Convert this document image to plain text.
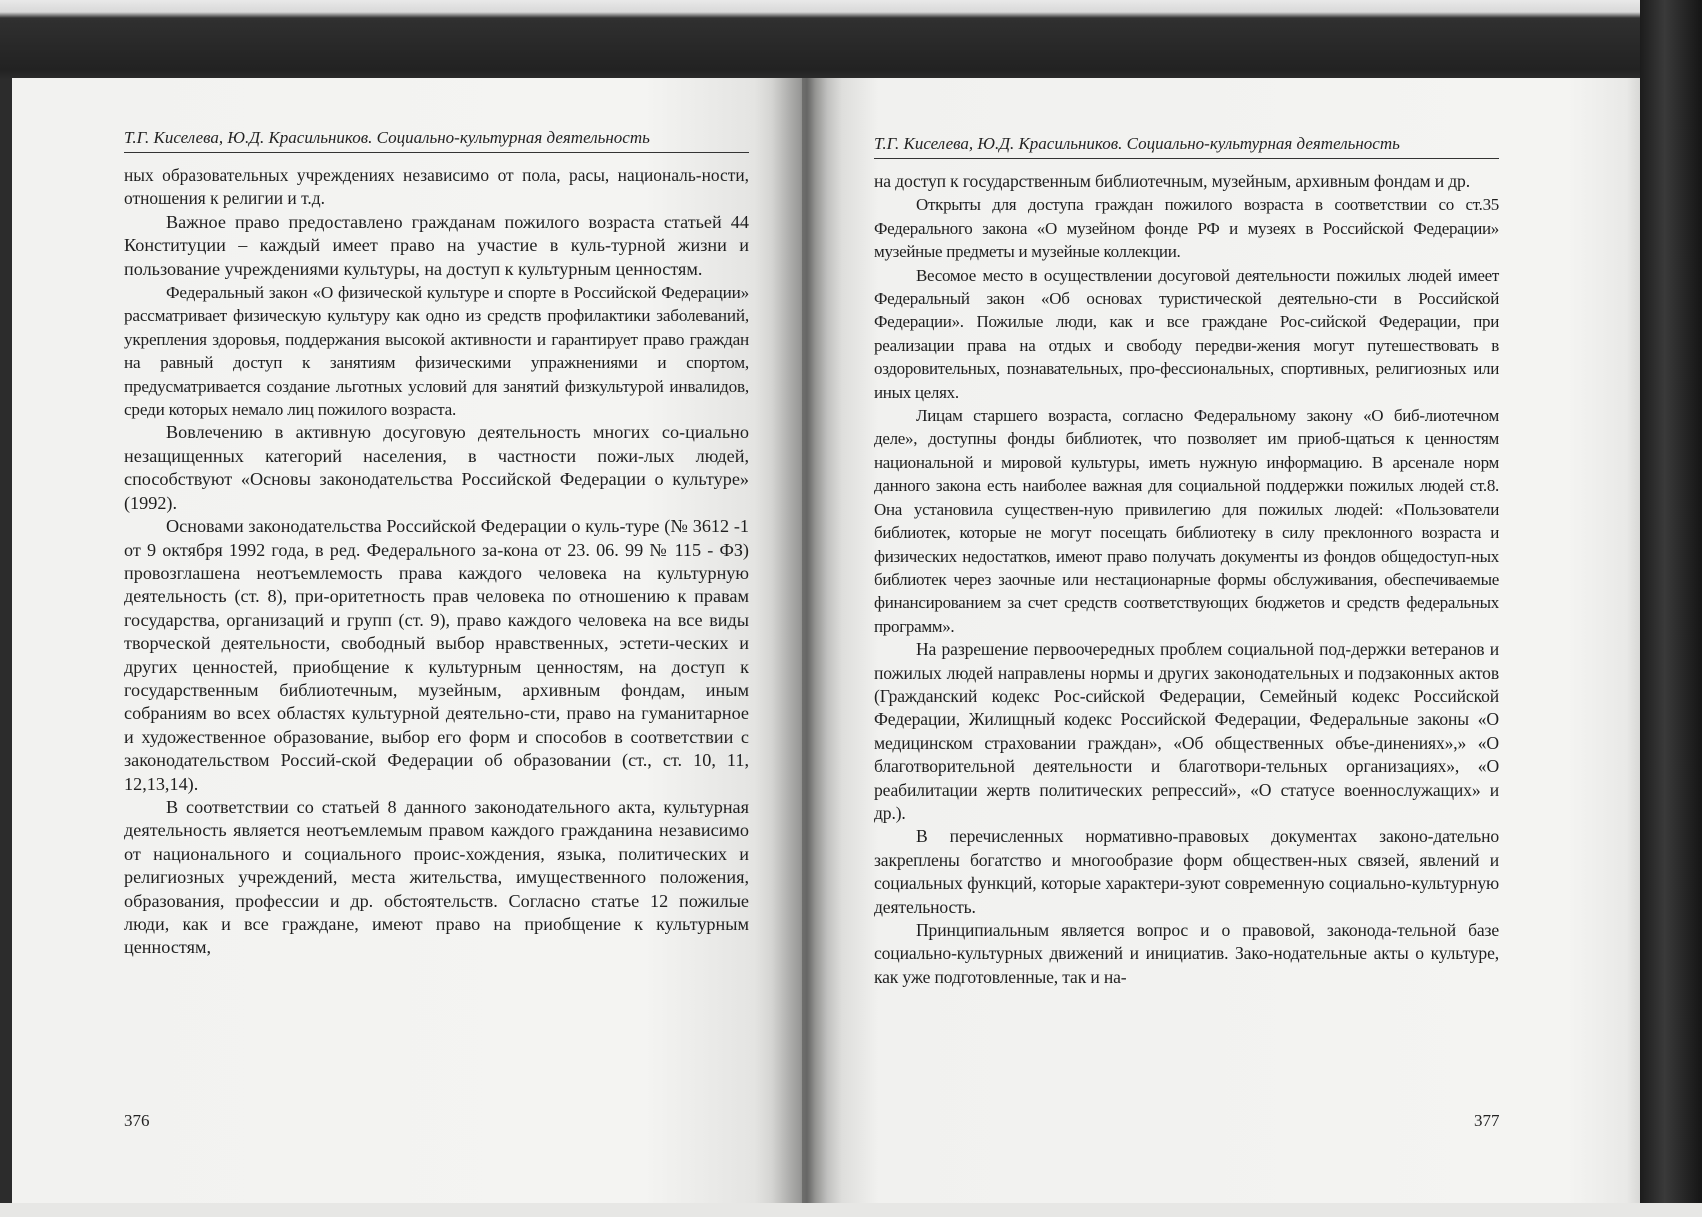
Т.Г. Киселева, Ю.Д. Красильников. Социально-культурная деятельность

ных образовательных учреждениях независимо от пола, расы, националь-ности, отношения к религии и т.д.

Важное право предоставлено гражданам пожилого возраста статьей 44 Конституции – каждый имеет право на участие в куль-турной жизни и пользование учреждениями культуры, на доступ к культурным ценностям.

Федеральный закон «О физической культуре и спорте в Российской Федерации» рассматривает физическую культуру как одно из средств профилактики заболеваний, укрепления здоровья, поддержания высокой активности и гарантирует право граждан на равный доступ к занятиям физическими упражнениями и спортом, предусматривается создание льготных условий для занятий физкультурой инвалидов, среди которых немало лиц пожилого возраста.

Вовлечению в активную досуговую деятельность многих со-циально незащищенных категорий населения, в частности пожи-лых людей, способствуют «Основы законодательства Российской Федерации о культуре» (1992).

Основами законодательства Российской Федерации о куль-туре (№ 3612 -1 от 9 октября 1992 года, в ред. Федерального за-кона от 23. 06. 99 № 115 - ФЗ) провозглашена неотъемлемость права каждого человека на культурную деятельность (ст. 8), при-оритетность прав человека по отношению к правам государства, организаций и групп (ст. 9), право каждого человека на все виды творческой деятельности, свободный выбор нравственных, эстети-ческих и других ценностей, приобщение к культурным ценностям, на доступ к государственным библиотечным, музейным, архивным фондам, иным собраниям во всех областях культурной деятельно-сти, право на гуманитарное и художественное образование, выбор его форм и способов в соответствии с законодательством Россий-ской Федерации об образовании (ст., ст. 10, 11, 12,13,14).

В соответствии со статьей 8 данного законодательного акта, культурная деятельность является неотъемлемым правом каждого гражданина независимо от национального и социального проис-хождения, языка, политических и религиозных учреждений, места жительства, имущественного положения, образования, профессии и др. обстоятельств. Согласно статье 12 пожилые люди, как и все граждане, имеют право на приобщение к культурным ценностям,

376
Т.Г. Киселева, Ю.Д. Красильников. Социально-культурная деятельность

на доступ к государственным библиотечным, музейным, архивным фондам и др.

Открыты для доступа граждан пожилого возраста в соответствии со ст.35 Федерального закона «О музейном фонде РФ и музеях в Российской Федерации» музейные предметы и музейные коллекции.

Весомое место в осуществлении досуговой деятельности пожилых людей имеет Федеральный закон «Об основах туристической деятельно-сти в Российской Федерации». Пожилые люди, как и все граждане Рос-сийской Федерации, при реализации права на отдых и свободу передви-жения могут путешествовать в оздоровительных, познавательных, про-фессиональных, спортивных, религиозных или иных целях.

Лицам старшего возраста, согласно Федеральному закону «О биб-лиотечном деле», доступны фонды библиотек, что позволяет им приоб-щаться к ценностям национальной и мировой культуры, иметь нужную информацию. В арсенале норм данного закона есть наиболее важная для социальной поддержки пожилых людей ст.8. Она установила существен-ную привилегию для пожилых людей: «Пользователи библиотек, которые не могут посещать библиотеку в силу преклонного возраста и физических недостатков, имеют право получать документы из фондов общедоступ-ных библиотек через заочные или нестационарные формы обслуживания, обеспечиваемые финансированием за счет средств соответствующих бюджетов и средств федеральных программ».

На разрешение первоочередных проблем социальной под-держки ветеранов и пожилых людей направлены нормы и других законодательных и подзаконных актов (Гражданский кодекс Рос-сийской Федерации, Семейный кодекс Российской Федерации, Жилищный кодекс Российской Федерации, Федеральные законы «О медицинском страховании граждан», «Об общественных объе-динениях»,» «О благотворительной деятельности и благотвори-тельных организациях», «О реабилитации жертв политических репрессий», «О статусе военнослужащих» и др.).

В перечисленных нормативно-правовых документах законо-дательно закреплены богатство и многообразие форм обществен-ных связей, явлений и социальных функций, которые характери-зуют современную социально-культурную деятельность.

Принципиальным является вопрос и о правовой, законода-тельной базе социально-культурных движений и инициатив. Зако-нодательные акты о культуре, как уже подготовленные, так и на-

377
